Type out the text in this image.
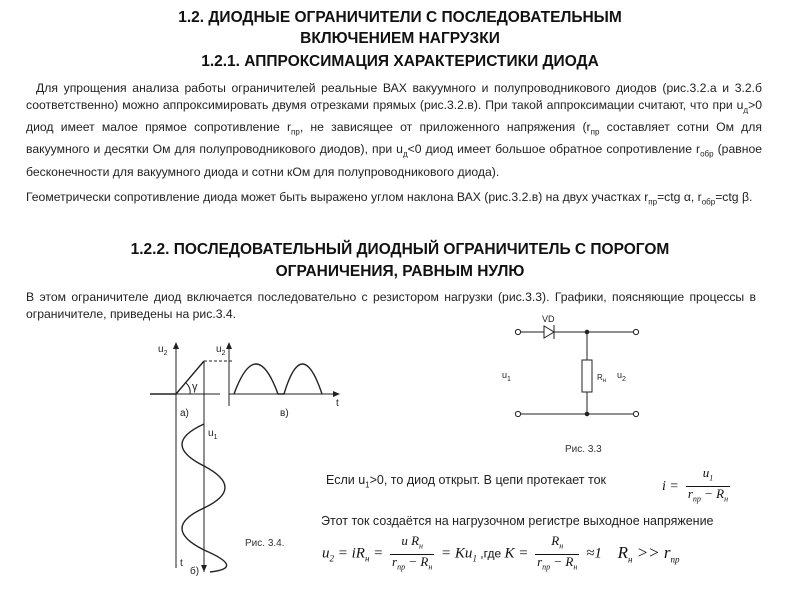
1.2. ДИОДНЫЕ ОГРАНИЧИТЕЛИ С ПОСЛЕДОВАТЕЛЬНЫМ
ВКЛЮЧЕНИЕМ НАГРУЗКИ
1.2.1. АППРОКСИМАЦИЯ ХАРАКТЕРИСТИКИ ДИОДА

Для упрощения анализа работы ограничителей реальные ВАХ вакуумного и полупроводникового диодов (рис.3.2.а и 3.2.б соответственно) можно аппроксимировать двумя отрезками прямых (рис.3.2.в). При такой аппроксимации считают, что при $u_д>0$ диод имеет малое прямое сопротивление $r_{пр}$, не зависящее от приложенного напряжения ($r_{пр}$ составляет сотни Ом для вакуумного и десятки Ом для полупроводникового диодов), при $u_д<0$ диод имеет большое обратное сопротивление $r_{обр}$ (равное бесконечности для вакуумного диода и сотни кОм для полупроводникового диода).

Геометрически сопротивление диода может быть выражено углом наклона ВАХ (рис.3.2.в) на двух участках $r_{пр}=ctg$ α, $r_{обр}=ctg$ β.

1.2.2. ПОСЛЕДОВАТЕЛЬНЫЙ ДИОДНЫЙ ОГРАНИЧИТЕЛЬ С ПОРОГОМ
ОГРАНИЧЕНИЯ, РАВНЫМ НУЛЮ

В этом ограничителе диод включается последовательно с резистором нагрузки (рис.3.3). Графики, поясняющие процессы в ограничителе, приведены на рис.3.4.

$u_2$	$u_2$
γ
t
а)	в)
$u_1$
t
б)

Рис. 3.4.

VD
$u_1$	$R_н$
$u_2$

Рис. 3.3

Если $u_1>0$, то диод открыт. В цепи протекает ток	$i = \frac{u_1}{r_{пр} - R_н}$

Этот ток создаётся на нагрузочном регистре выходное напряжение

$u_2 = iR_н = \frac{u R_н}{r_{пр} - R_н} = Ku_1$ ,где $K = \frac{R_н}{r_{пр} - R_н} \approx 1$ $R_н >> r_{пр}$
